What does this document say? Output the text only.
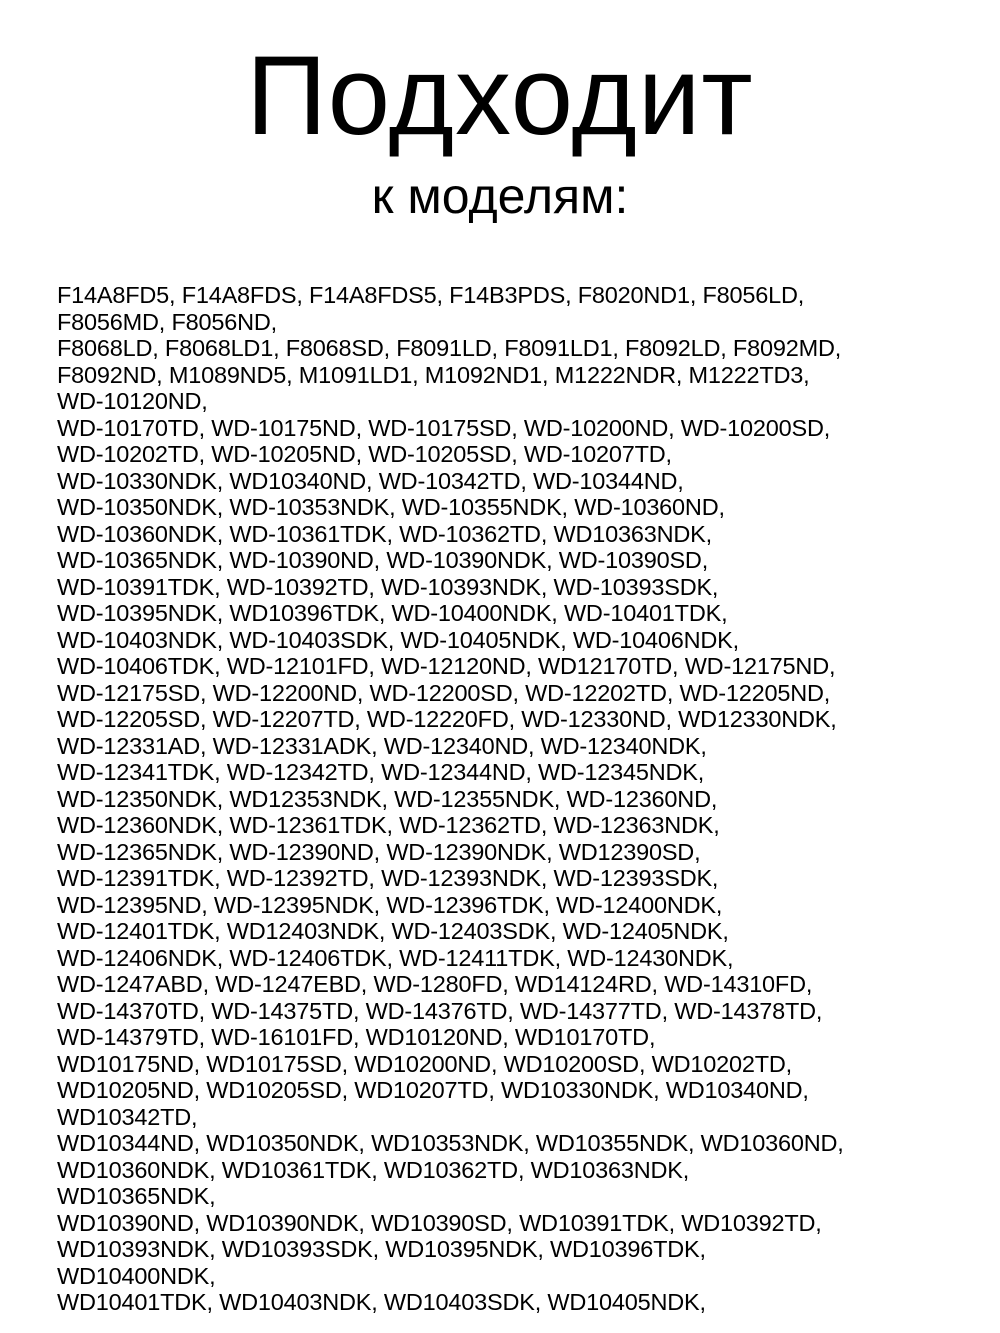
Подходит
к моделям:
F14A8FD5, F14A8FDS, F14A8FDS5, F14B3PDS, F8020ND1, F8056LD,
F8056MD, F8056ND,
F8068LD, F8068LD1, F8068SD, F8091LD, F8091LD1, F8092LD, F8092MD,
F8092ND, M1089ND5, M1091LD1, M1092ND1, M1222NDR, M1222TD3,
WD-10120ND,
WD-10170TD, WD-10175ND, WD-10175SD, WD-10200ND, WD-10200SD,
WD-10202TD, WD-10205ND, WD-10205SD, WD-10207TD,
WD-10330NDK, WD10340ND, WD-10342TD, WD-10344ND,
WD-10350NDK, WD-10353NDK, WD-10355NDK, WD-10360ND,
WD-10360NDK, WD-10361TDK, WD-10362TD, WD10363NDK,
WD-10365NDK, WD-10390ND, WD-10390NDK, WD-10390SD,
WD-10391TDK, WD-10392TD, WD-10393NDK, WD-10393SDK,
WD-10395NDK, WD10396TDK, WD-10400NDK, WD-10401TDK,
WD-10403NDK, WD-10403SDK, WD-10405NDK, WD-10406NDK,
WD-10406TDK, WD-12101FD, WD-12120ND, WD12170TD, WD-12175ND,
WD-12175SD, WD-12200ND, WD-12200SD, WD-12202TD, WD-12205ND,
WD-12205SD, WD-12207TD, WD-12220FD, WD-12330ND, WD12330NDK,
WD-12331AD, WD-12331ADK, WD-12340ND, WD-12340NDK,
WD-12341TDK, WD-12342TD, WD-12344ND, WD-12345NDK,
WD-12350NDK, WD12353NDK, WD-12355NDK, WD-12360ND,
WD-12360NDK, WD-12361TDK, WD-12362TD, WD-12363NDK,
WD-12365NDK, WD-12390ND, WD-12390NDK, WD12390SD,
WD-12391TDK, WD-12392TD, WD-12393NDK, WD-12393SDK,
WD-12395ND, WD-12395NDK, WD-12396TDK, WD-12400NDK,
WD-12401TDK, WD12403NDK, WD-12403SDK, WD-12405NDK,
WD-12406NDK, WD-12406TDK, WD-12411TDK, WD-12430NDK,
WD-1247ABD, WD-1247EBD, WD-1280FD, WD14124RD, WD-14310FD,
WD-14370TD, WD-14375TD, WD-14376TD, WD-14377TD, WD-14378TD,
WD-14379TD, WD-16101FD, WD10120ND, WD10170TD,
WD10175ND, WD10175SD, WD10200ND, WD10200SD, WD10202TD,
WD10205ND, WD10205SD, WD10207TD, WD10330NDK, WD10340ND,
WD10342TD,
WD10344ND, WD10350NDK, WD10353NDK, WD10355NDK, WD10360ND,
WD10360NDK, WD10361TDK, WD10362TD, WD10363NDK,
WD10365NDK,
WD10390ND, WD10390NDK, WD10390SD, WD10391TDK, WD10392TD,
WD10393NDK, WD10393SDK, WD10395NDK, WD10396TDK,
WD10400NDK,
WD10401TDK, WD10403NDK, WD10403SDK, WD10405NDK,
